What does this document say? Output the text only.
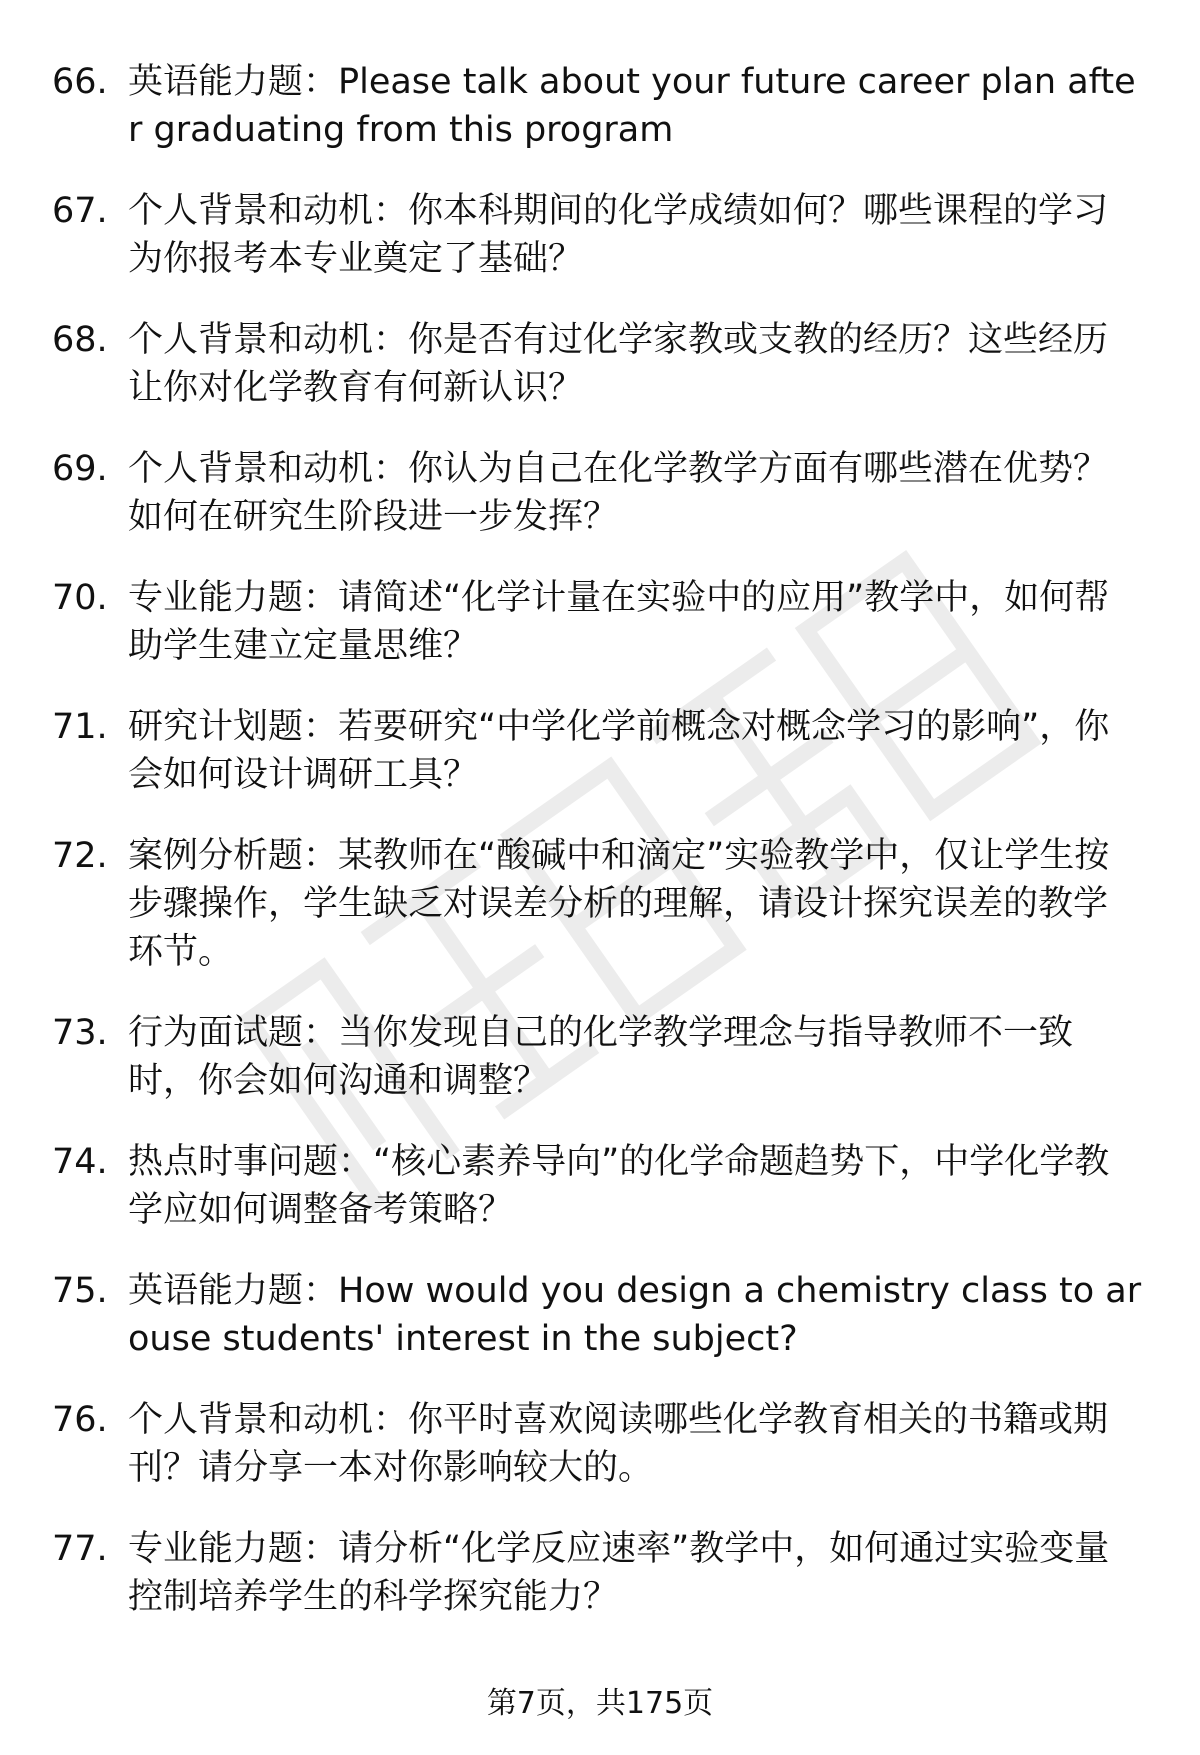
66. 英语能力题：Please talk about your future career plan after graduating from this program
67. 个人背景和动机：你本科期间的化学成绩如何？哪些课程的学习为你报考本专业奠定了基础？
68. 个人背景和动机：你是否有过化学家教或支教的经历？这些经历让你对化学教育有何新认识？
69. 个人背景和动机：你认为自己在化学教学方面有哪些潜在优势？如何在研究生阶段进一步发挥？
70. 专业能力题：请简述“化学计量在实验中的应用”教学中，如何帮助学生建立定量思维？
71. 研究计划题：若要研究“中学化学前概念对概念学习的影响”，你会如何设计调研工具？
72. 案例分析题：某教师在“酸碱中和滴定”实验教学中，仅让学生按步骤操作，学生缺乏对误差分析的理解，请设计探究误差的教学环节。
73. 行为面试题：当你发现自己的化学教学理念与指导教师不一致时，你会如何沟通和调整？
74. 热点时事问题：“核心素养导向”的化学命题趋势下，中学化学教学应如何调整备考策略？
75. 英语能力题：How would you design a chemistry class to arouse students' interest in the subject?
76. 个人背景和动机：你平时喜欢阅读哪些化学教育相关的书籍或期刊？请分享一本对你影响较大的。
77. 专业能力题：请分析“化学反应速率”教学中，如何通过实验变量控制培养学生的科学探究能力？
第7页，共175页
